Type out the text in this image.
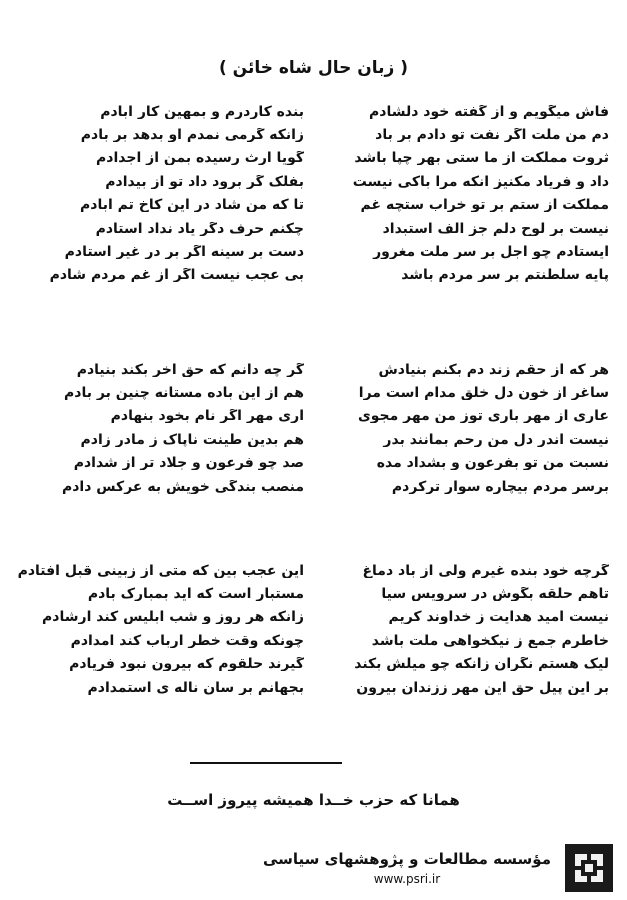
( زبان حال شاه خائن )
بنده کاردرم و بمهین کار آبادم	فاش میگویم و از گفته خود دلشادم
زانکه گرمی نمدم او بدهد بر بادم	دم من ملت اگر نفت تو دادم بر باد
گویا ارث رسیده بمن از اجدادم	ثروت مملکت از ما ستی بهر چپا باشد
بفلک گر برود داد تو از بیدادم	داد و فریاد مکنیز آنکه مرا باکی نیست
تا که من شاد در این کاخ تم آبادم	مملکت از ستم بر تو خراب ستچه غم
چکنم حرف دگر یاد نداد استادم	نیست بر لوح دلم جز الف استبداد
دست بر سینه اگر بر در غیر استادم	ایستادم چو اجل بر سر ملت مغرور
بی عجب نیست اگر از غم مردم شادم	پایه سلطنتم بر سر مردم باشد
گر چه دانم که حق آخر بکند بنیادم	هر که از حقم زند دم بکنم بنیادش
هم از این باده مستانه چنین بر بادم	ساغر از خون دل خلق مدام است مرا
آری مهر اگر نام بخود بنهادم	عاری از مهر باری توز من مهر مجوی
هم بدین طینت ناپاک ز مادر زادم	نیست اندر دل من رحم بمانند بدر
صد چو فرعون و جلاد تر از شدادم	نسبت من تو بفرعون و بشداد مده
منصب بندگی خویش به عرکس دادم	برسر مردم بیچاره سوار ترکردم
این عجب بین که متی از زبینی قبل افتادم	گرچه خود بنده غیرم ولی از باد دماغ
مستبار است که آید بمبارک بادم	تاهم حلقه بگوش در سرویس سیا
زانکه هر روز و شب ابلیس کند ارشادم	نیست امید هدایت ز خداوند کریم
چونکه وقت خطر ارباب کند امدادم	خاطرم جمع ز نیکخواهی ملت باشد
گیرند حلقوم که بیرون نبود فریادم	لیک هستم نگران زانکه چو میلش بکند
بجهانم بر سان ناله ی استمدادم	بر این پیل حق این مهر ززندان بیرون
همانا که حزب خــدا همیشه پیروز اســت
مؤسسه مطالعات و پژوهشهای سیاسی
www.psri.ir
